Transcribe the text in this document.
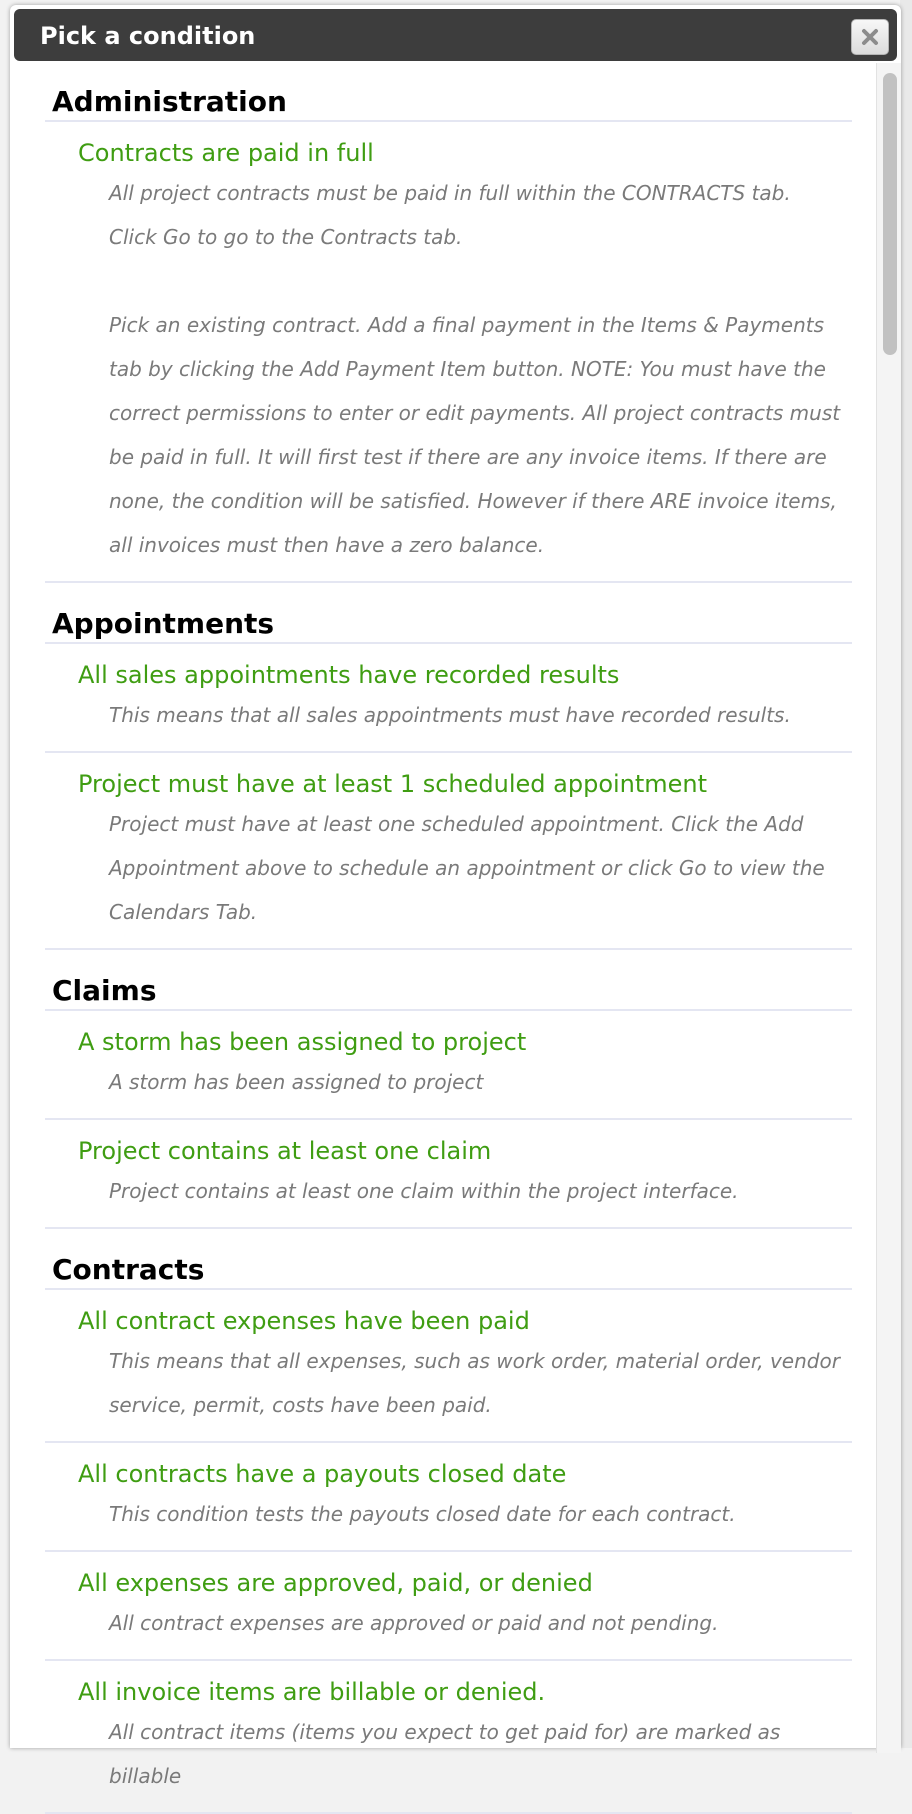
Pick a condition
Administration
Contracts are paid in full
All project contracts must be paid in full within the CONTRACTS tab. Click Go to go to the Contracts tab.

Pick an existing contract. Add a final payment in the Items & Payments tab by clicking the Add Payment Item button. NOTE: You must have the correct permissions to enter or edit payments. All project contracts must be paid in full. It will first test if there are any invoice items. If there are none, the condition will be satisfied. However if there ARE invoice items, all invoices must then have a zero balance.
Appointments
All sales appointments have recorded results
This means that all sales appointments must have recorded results.
Project must have at least 1 scheduled appointment
Project must have at least one scheduled appointment. Click the Add Appointment above to schedule an appointment or click Go to view the Calendars Tab.
Claims
A storm has been assigned to project
A storm has been assigned to project
Project contains at least one claim
Project contains at least one claim within the project interface.
Contracts
All contract expenses have been paid
This means that all expenses, such as work order, material order, vendor service, permit, costs have been paid.
All contracts have a payouts closed date
This condition tests the payouts closed date for each contract.
All expenses are approved, paid, or denied
All contract expenses are approved or paid and not pending.
All invoice items are billable or denied.
All contract items (items you expect to get paid for) are marked as billable
